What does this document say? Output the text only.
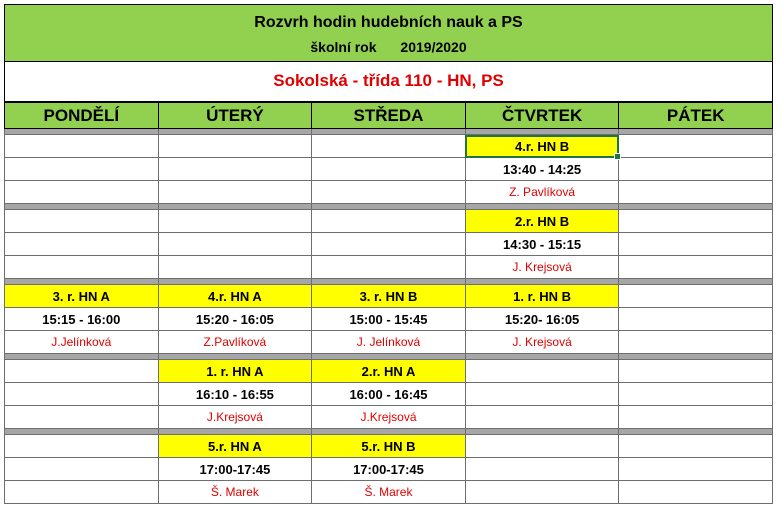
Rozvrh hodin hudebních nauk a PS
školní rok 2019/2020
Sokolská - třída 110 - HN, PS
PONDĚLÍ	ÚTERÝ	STŘEDA	ČTVRTEK	PÁTEK

			4.r. HN B	
			13:40 - 14:25	
			Z. Pavlíková	

			2.r. HN B	
			14:30 - 15:15	
			J. Krejsová	

3. r. HN A	4.r. HN A	3. r. HN B	1. r. HN B	
15:15 - 16:00	15:20 - 16:05	15:00 - 15:45	15:20- 16:05	
J.Jelínková	Z.Pavlíková	J. Jelínková	J. Krejsová	

	1. r. HN A	2.r. HN A		
	16:10 - 16:55	16:00 - 16:45		
	J.Krejsová	J.Krejsová		

	5.r. HN A	5.r. HN B		
	17:00-17:45	17:00-17:45		
	Š. Marek	Š. Marek		
